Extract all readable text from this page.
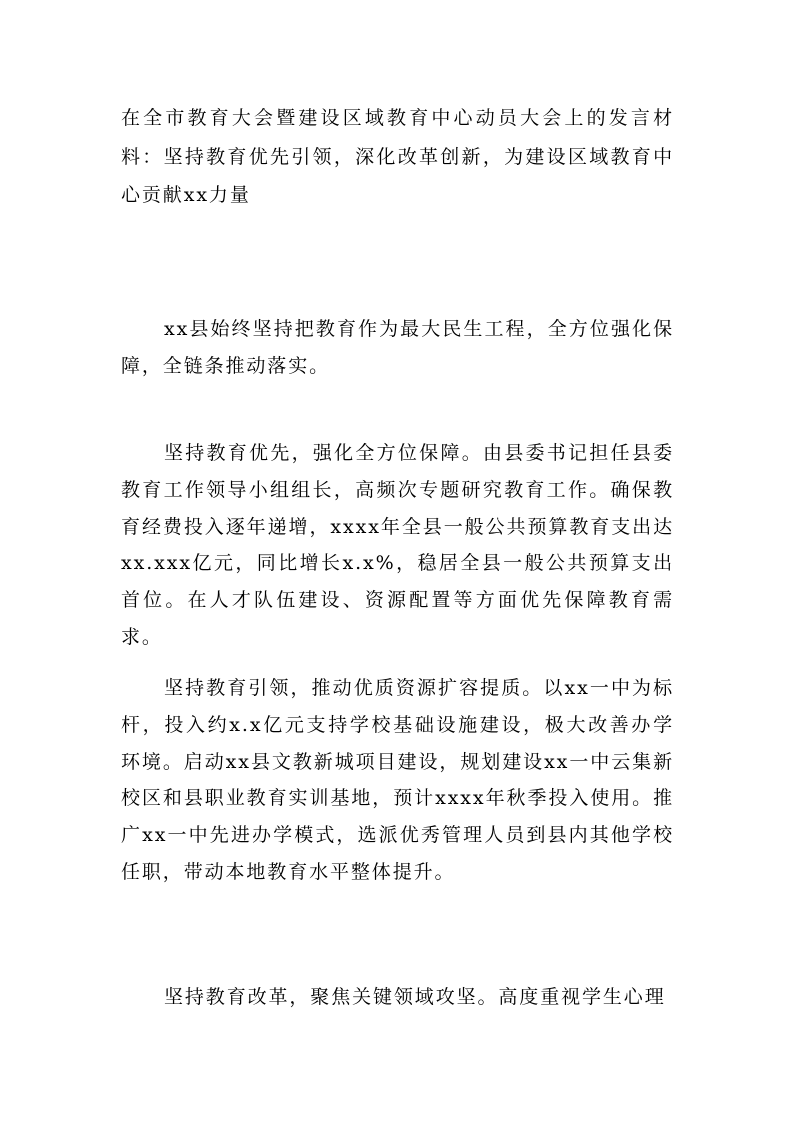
在全市教育大会暨建设区域教育中心动员大会上的发言材料：坚持教育优先引领，深化改革创新，为建设区域教育中心贡献xx力量

xx县始终坚持把教育作为最大民生工程，全方位强化保障，全链条推动落实。

坚持教育优先，强化全方位保障。由县委书记担任县委教育工作领导小组组长，高频次专题研究教育工作。确保教育经费投入逐年递增，xxxx年全县一般公共预算教育支出达xx.xxx亿元，同比增长x.x%，稳居全县一般公共预算支出首位。在人才队伍建设、资源配置等方面优先保障教育需求。

坚持教育引领，推动优质资源扩容提质。以xx一中为标杆，投入约x.x亿元支持学校基础设施建设，极大改善办学环境。启动xx县文教新城项目建设，规划建设xx一中云集新校区和县职业教育实训基地，预计xxxx年秋季投入使用。推广xx一中先进办学模式，选派优秀管理人员到县内其他学校任职，带动本地教育水平整体提升。

坚持教育改革，聚焦关键领域攻坚。高度重视学生心理
